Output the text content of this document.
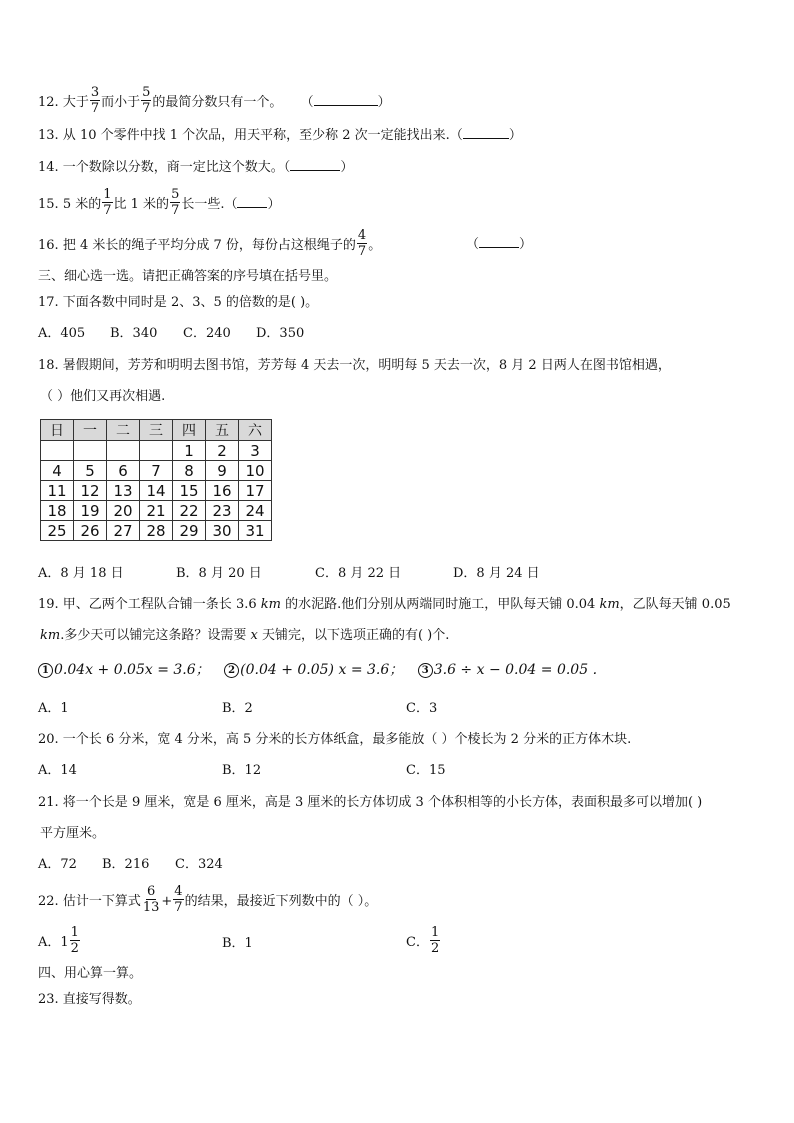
12. 大于 $\frac{3}{7}$ 而小于 $\frac{5}{7}$ 的最简分数只有一个。 （	）
13. 从 10 个零件中找 1 个次品，用天平称，至少称 2 次一定能找出来.（	）
14. 一个数除以分数，商一定比这个数大。（	）
15. 5 米的 $\frac{1}{7}$ 比 1 米的 $\frac{5}{7}$ 长一些.（ ）
16. 把 4 米长的绳子平均分成 7 份，每份占这根绳子的 $\frac{4}{7}$ 。	（	）
三、细心选一选。请把正确答案的序号填在括号里。
17. 下面各数中同时是 2、3、5 的倍数的是( )。
A．405 B．340 C．240 D．350
18. 暑假期间，芳芳和明明去图书馆，芳芳每 4 天去一次，明明每 5 天去一次，8 月 2 日两人在图书馆相遇，
（ ）他们又再次相遇.
日	一	二	三	四	五	六
				1	2	3
4	5	6	7	8	9	10
11	12	13	14	15	16	17
18	19	20	21	22	23	24
25	26	27	28	29	30	31
A．8 月 18 日	B．8 月 20 日	C．8 月 22 日	D．8 月 24 日
19. 甲、乙两个工程队合铺一条长 3.6 km 的水泥路.他们分别从两端同时施工，甲队每天铺 0.04 km，乙队每天铺 0.05
km.多少天可以铺完这条路？设需要 x 天铺完，以下选项正确的有( )个.
1 0.04x + 0.05x = 3.6； 2 (0.04 + 0.05) x = 3.6； 3 3.6 ÷ x − 0.04 = 0.05 .
A．1	B．2	C．3
20. 一个长 6 分米，宽 4 分米，高 5 分米的长方体纸盒，最多能放（ ）个棱长为 2 分米的正方体木块.
A．14	B．12	C．15
21. 将一个长是 9 厘米，宽是 6 厘米，高是 3 厘米的长方体切成 3 个体积相等的小长方体，表面积最多可以增加( )
平方厘米。
A．72 B．216 C．324
22. 估计一下算式 $\frac{6}{13} + \frac{4}{7}$ 的结果，最接近下列数中的（ ）。
A． $1 \frac{1}{2}$	B．1	C． $\frac{1}{2}$
四、用心算一算。
23. 直接写得数。
